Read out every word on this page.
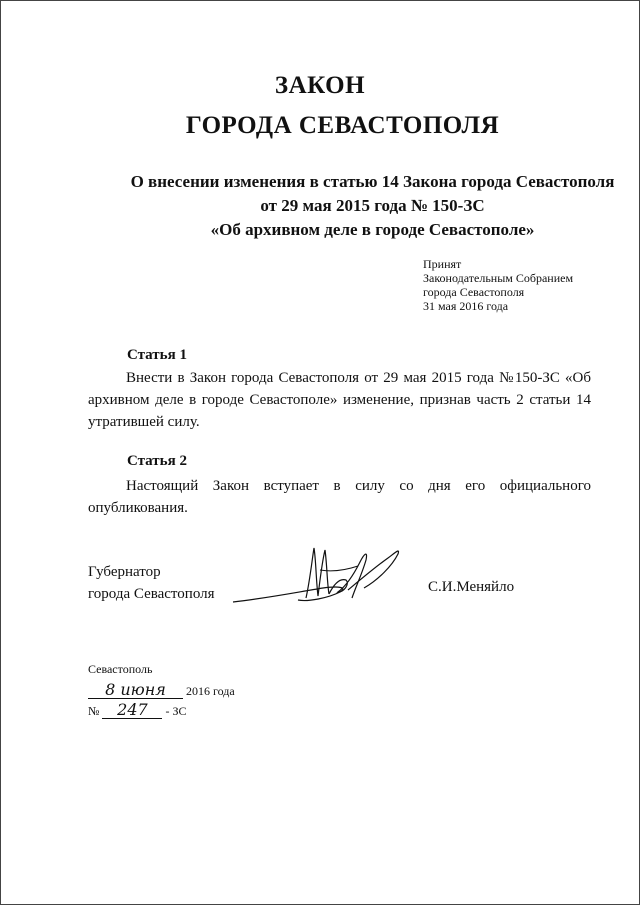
ЗАКОН
ГОРОДА СЕВАСТОПОЛЯ
О внесении изменения в статью 14 Закона города Севастополя
от 29 мая 2015 года № 150-ЗС
«Об архивном деле в городе Севастополе»
Принят
Законодательным Собранием
города Севастополя
31 мая 2016 года
Статья 1
Внести в Закон города Севастополя от 29 мая 2015 года №150-ЗС «Об архивном деле в городе Севастополе» изменение, признав часть 2 статьи 14 утратившей силу.
Статья 2
Настоящий Закон вступает в силу со дня его официального опубликования.
Губернатор
города Севастополя	С.И.Меняйло
Севастополь
8 июня 2016 года
№ 247 - ЗС
